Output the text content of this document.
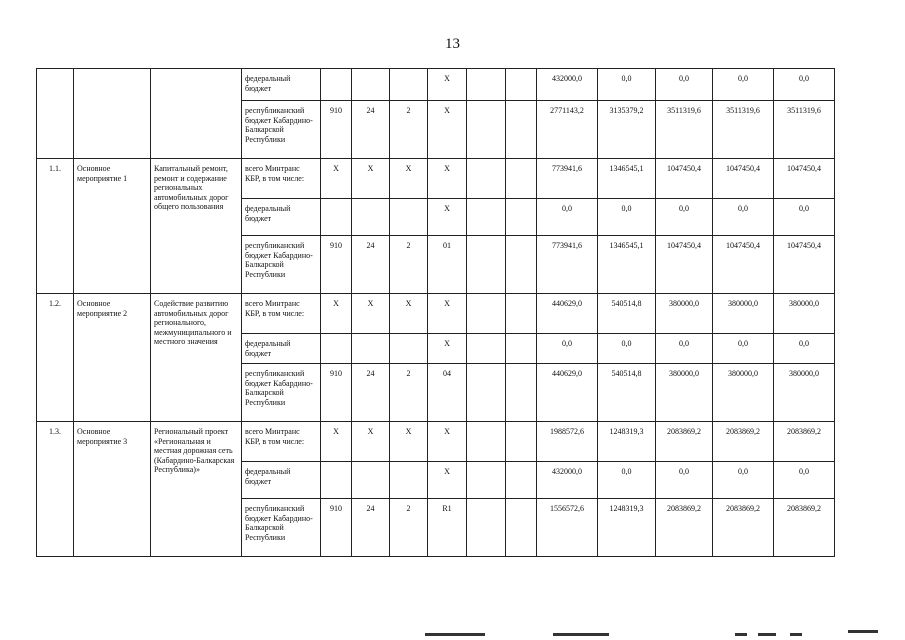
13
			федеральный бюджет				X			432000,0	0,0	0,0	0,0	0,0
			республиканский бюджет Кабардино-Балкарской Республики	910	24	2	X			2771143,2	3135379,2	3511319,6	3511319,6	3511319,6
1.1.	Основное мероприятие 1	Капитальный ремонт, ремонт и содержание региональных автомобильных дорог общего пользования	всего Минтранс КБР, в том числе:	X	X	X	X			773941,6	1346545,1	1047450,4	1047450,4	1047450,4
			федеральный бюджет				X			0,0	0,0	0,0	0,0	0,0
			республиканский бюджет Кабардино-Балкарской Республики	910	24	2	01			773941,6	1346545,1	1047450,4	1047450,4	1047450,4
1.2.	Основное мероприятие 2	Содействие развитию автомобильных дорог регионального, межмуниципального и местного значения	всего Минтранс КБР, в том числе:	X	X	X	X			440629,0	540514,8	380000,0	380000,0	380000,0
			федеральный бюджет				X			0,0	0,0	0,0	0,0	0,0
			республиканский бюджет Кабардино-Балкарской Республики	910	24	2	04			440629,0	540514,8	380000,0	380000,0	380000,0
1.3.	Основное мероприятие 3	Региональный проект «Региональная и местная дорожная сеть (Кабардино-Балкарская Республика)»	всего Минтранс КБР, в том числе:	X	X	X	X			1988572,6	1248319,3	2083869,2	2083869,2	2083869,2
			федеральный бюджет				X			432000,0	0,0	0,0	0,0	0,0
			республиканский бюджет Кабардино-Балкарской Республики	910	24	2	R1			1556572,6	1248319,3	2083869,2	2083869,2	2083869,2
